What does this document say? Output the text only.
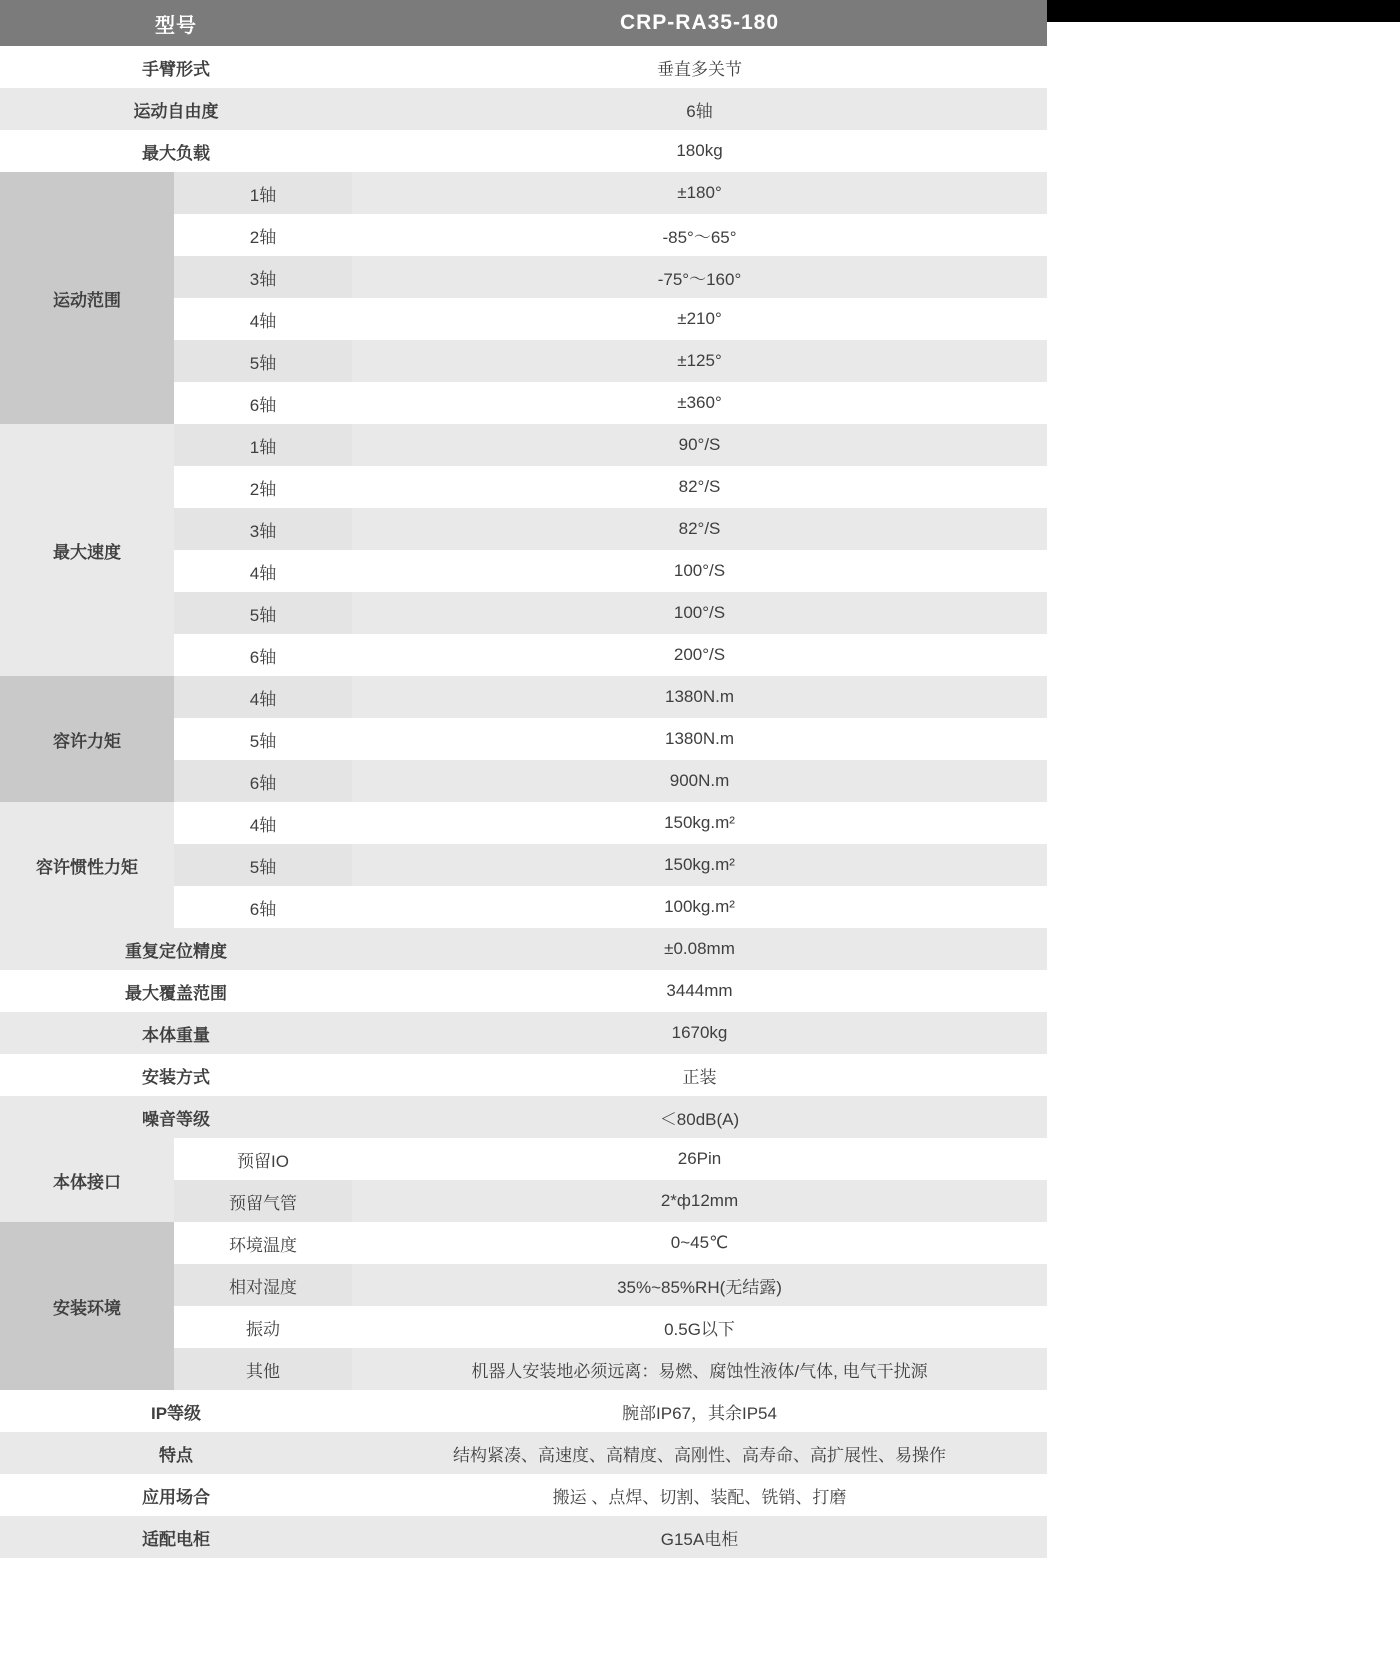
型号		CRP-RA35-180
手臂形式		垂直多关节
运动自由度		6轴
最大负载		180kg
运动范围	1轴	±180°
	2轴	-85°～65°
	3轴	-75°～160°
	4轴	±210°
	5轴	±125°
	6轴	±360°
最大速度	1轴	90°/S
	2轴	82°/S
	3轴	82°/S
	4轴	100°/S
	5轴	100°/S
	6轴	200°/S
容许力矩	4轴	1380N.m
	5轴	1380N.m
	6轴	900N.m
容许惯性力矩	4轴	150kg.m²
	5轴	150kg.m²
	6轴	100kg.m²
重复定位精度		±0.08mm
最大覆盖范围		3444mm
本体重量		1670kg
安装方式		正装
噪音等级		＜80dB(A)
本体接口	预留IO	26Pin
	预留气管	2*ф12mm
安装环境	环境温度	0~45℃
	相对湿度	35%~85%RH(无结露)
	振动	0.5G以下
	其他	机器人安装地必须远离：易燃、腐蚀性液体/气体, 电气干扰源
IP等级		腕部IP67，其余IP54
特点		结构紧凑、高速度、高精度、高刚性、高寿命、高扩展性、易操作
应用场合		搬运 、点焊、切割、装配、铣销、打磨
适配电柜		G15A电柜
